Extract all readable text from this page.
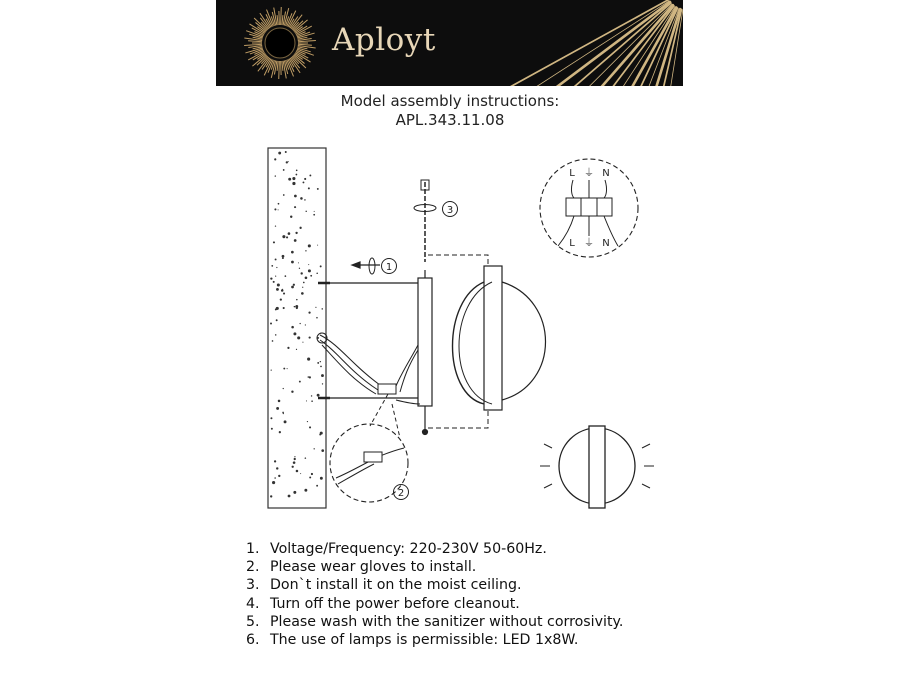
Aployt
Model assembly instructions:
APL.343.11.08
1
3
2
L ⏚ N
L ⏚ N
1. Voltage/Frequency: 220-230V 50-60Hz.
2. Please wear gloves to install.
3. Don`t install it on the moist ceiling.
4. Turn off the power before cleanout.
5. Please wash with the sanitizer without corrosivity.
6. The use of lamps is permissible: LED 1x8W.
